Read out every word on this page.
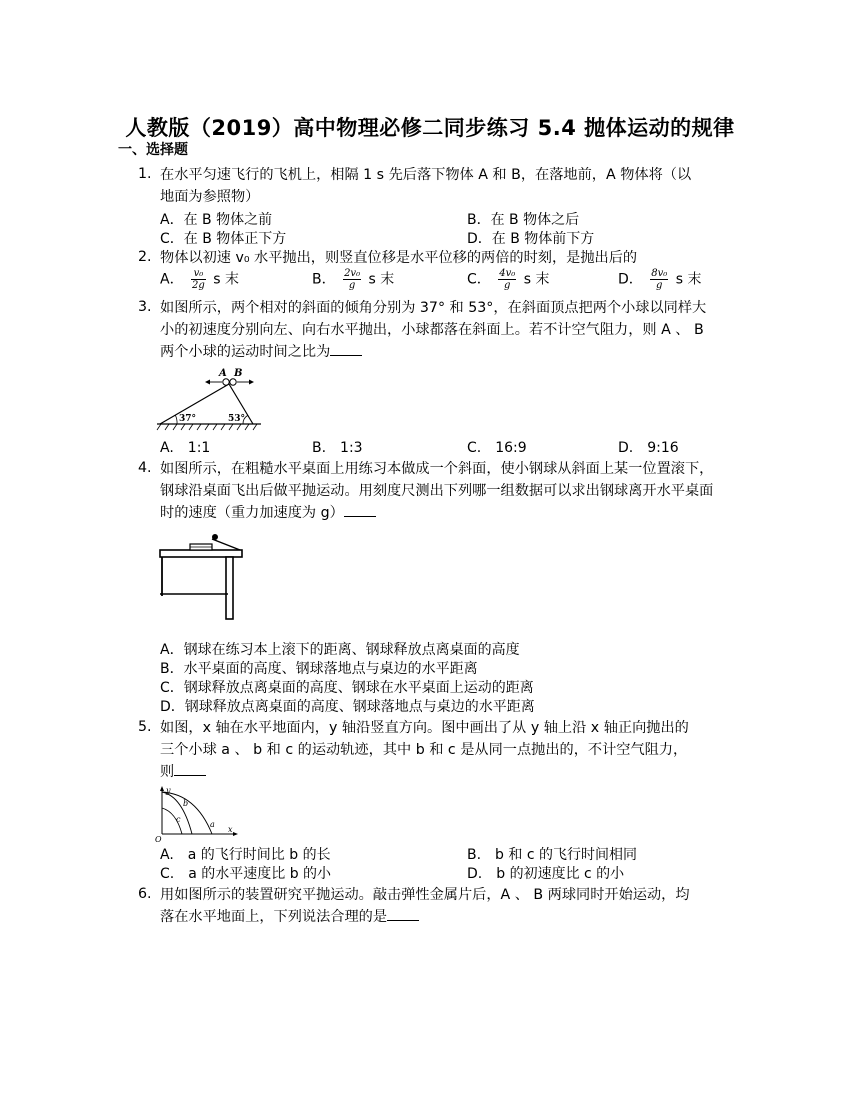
人教版（2019）高中物理必修二同步练习 5.4 抛体运动的规律
一、选择题
1. 在水平匀速飞行的飞机上，相隔 1 s 先后落下物体 A 和 B，在落地前，A 物体将（以
地面为参照物）
A．在 B 物体之前	B．在 B 物体之后
C．在 B 物体正下方	D．在 B 物体前下方
2. 物体以初速 v₀ 水平抛出，则竖直位移是水平位移的两倍的时刻，是抛出后的
A． $\frac{\text{v₀}}{2g}$ s 末	B． $\frac{\text{2v₀}}{g}$ s 末	C． $\frac{\text{4v₀}}{g}$ s 末	D． $\frac{\text{8v₀}}{g}$ s 末
3. 如图所示，两个相对的斜面的倾角分别为 37° 和 53°，在斜面顶点把两个小球以同样大
小的初速度分别向左、向右水平抛出，小球都落在斜面上。若不计空气阻力，则 A 、 B
两个小球的运动时间之比为
A B
37°	53°
A.　1:1	B.　1:3	C.　16:9	D.　9:16
4. 如图所示，在粗糙水平桌面上用练习本做成一个斜面，使小钢球从斜面上某一位置滚下，
钢球沿桌面飞出后做平抛运动。用刻度尺测出下列哪一组数据可以求出钢球离开水平桌面
时的速度（重力加速度为 g）
A．钢球在练习本上滚下的距离、钢球释放点离桌面的高度
B．水平桌面的高度、钢球落地点与桌边的水平距离
C．钢球释放点离桌面的高度、钢球在水平桌面上运动的距离
D．钢球释放点离桌面的高度、钢球落地点与桌边的水平距离
5. 如图，x 轴在水平地面内，y 轴沿竖直方向。图中画出了从 y 轴上沿 x 轴正向抛出的
三个小球 a 、 b 和 c 的运动轨迹，其中 b 和 c 是从同一点抛出的，不计空气阻力，
则
y
x
O
a
b
c
A.　a 的飞行时间比 b 的长	B.　b 和 c 的飞行时间相同
C.　a 的水平速度比 b 的小	D.　b 的初速度比 c 的小
6. 用如图所示的装置研究平抛运动。敲击弹性金属片后，A 、 B 两球同时开始运动，均
落在水平地面上，下列说法合理的是
